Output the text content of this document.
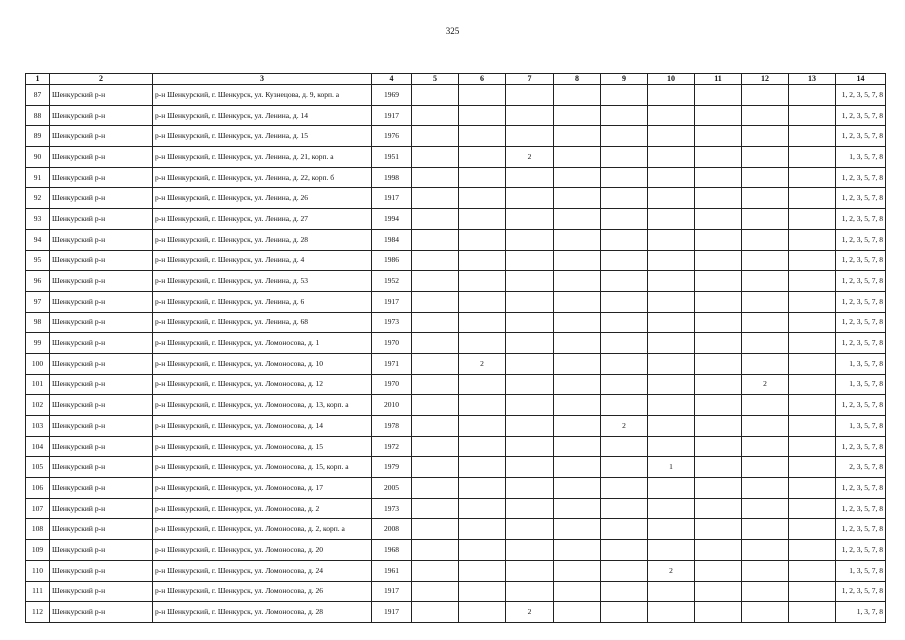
325
1	2	3	4	5	6	7	8	9	10	11	12	13	14
87	Шенкурский р-н	р-н Шенкурский, г. Шенкурск, ул. Кузнецова, д. 9, корп. а	1969										1, 2, 3, 5, 7, 8
88	Шенкурский р-н	р-н Шенкурский, г. Шенкурск, ул. Ленина, д. 14	1917										1, 2, 3, 5, 7, 8
89	Шенкурский р-н	р-н Шенкурский, г. Шенкурск, ул. Ленина, д. 15	1976										1, 2, 3, 5, 7, 8
90	Шенкурский р-н	р-н Шенкурский, г. Шенкурск, ул. Ленина, д. 21, корп. а	1951			2							1, 3, 5, 7, 8
91	Шенкурский р-н	р-н Шенкурский, г. Шенкурск, ул. Ленина, д. 22, корп. б	1998										1, 2, 3, 5, 7, 8
92	Шенкурский р-н	р-н Шенкурский, г. Шенкурск, ул. Ленина, д. 26	1917										1, 2, 3, 5, 7, 8
93	Шенкурский р-н	р-н Шенкурский, г. Шенкурск, ул. Ленина, д. 27	1994										1, 2, 3, 5, 7, 8
94	Шенкурский р-н	р-н Шенкурский, г. Шенкурск, ул. Ленина, д. 28	1984										1, 2, 3, 5, 7, 8
95	Шенкурский р-н	р-н Шенкурский, г. Шенкурск, ул. Ленина, д. 4	1986										1, 2, 3, 5, 7, 8
96	Шенкурский р-н	р-н Шенкурский, г. Шенкурск, ул. Ленина, д. 53	1952										1, 2, 3, 5, 7, 8
97	Шенкурский р-н	р-н Шенкурский, г. Шенкурск, ул. Ленина, д. 6	1917										1, 2, 3, 5, 7, 8
98	Шенкурский р-н	р-н Шенкурский, г. Шенкурск, ул. Ленина, д. 68	1973										1, 2, 3, 5, 7, 8
99	Шенкурский р-н	р-н Шенкурский, г. Шенкурск, ул. Ломоносова, д. 1	1970										1, 2, 3, 5, 7, 8
100	Шенкурский р-н	р-н Шенкурский, г. Шенкурск, ул. Ломоносова, д. 10	1971		2								1, 3, 5, 7, 8
101	Шенкурский р-н	р-н Шенкурский, г. Шенкурск, ул. Ломоносова, д. 12	1970								2		1, 3, 5, 7, 8
102	Шенкурский р-н	р-н Шенкурский, г. Шенкурск, ул. Ломоносова, д. 13, корп. а	2010										1, 2, 3, 5, 7, 8
103	Шенкурский р-н	р-н Шенкурский, г. Шенкурск, ул. Ломоносова, д. 14	1978					2					1, 3, 5, 7, 8
104	Шенкурский р-н	р-н Шенкурский, г. Шенкурск, ул. Ломоносова, д. 15	1972										1, 2, 3, 5, 7, 8
105	Шенкурский р-н	р-н Шенкурский, г. Шенкурск, ул. Ломоносова, д. 15, корп. а	1979						1				2, 3, 5, 7, 8
106	Шенкурский р-н	р-н Шенкурский, г. Шенкурск, ул. Ломоносова, д. 17	2005										1, 2, 3, 5, 7, 8
107	Шенкурский р-н	р-н Шенкурский, г. Шенкурск, ул. Ломоносова, д. 2	1973										1, 2, 3, 5, 7, 8
108	Шенкурский р-н	р-н Шенкурский, г. Шенкурск, ул. Ломоносова, д. 2, корп. а	2008										1, 2, 3, 5, 7, 8
109	Шенкурский р-н	р-н Шенкурский, г. Шенкурск, ул. Ломоносова, д. 20	1968										1, 2, 3, 5, 7, 8
110	Шенкурский р-н	р-н Шенкурский, г. Шенкурск, ул. Ломоносова, д. 24	1961						2				1, 3, 5, 7, 8
111	Шенкурский р-н	р-н Шенкурский, г. Шенкурск, ул. Ломоносова, д. 26	1917										1, 2, 3, 5, 7, 8
112	Шенкурский р-н	р-н Шенкурский, г. Шенкурск, ул. Ломоносова, д. 28	1917			2							1, 3, 7, 8
